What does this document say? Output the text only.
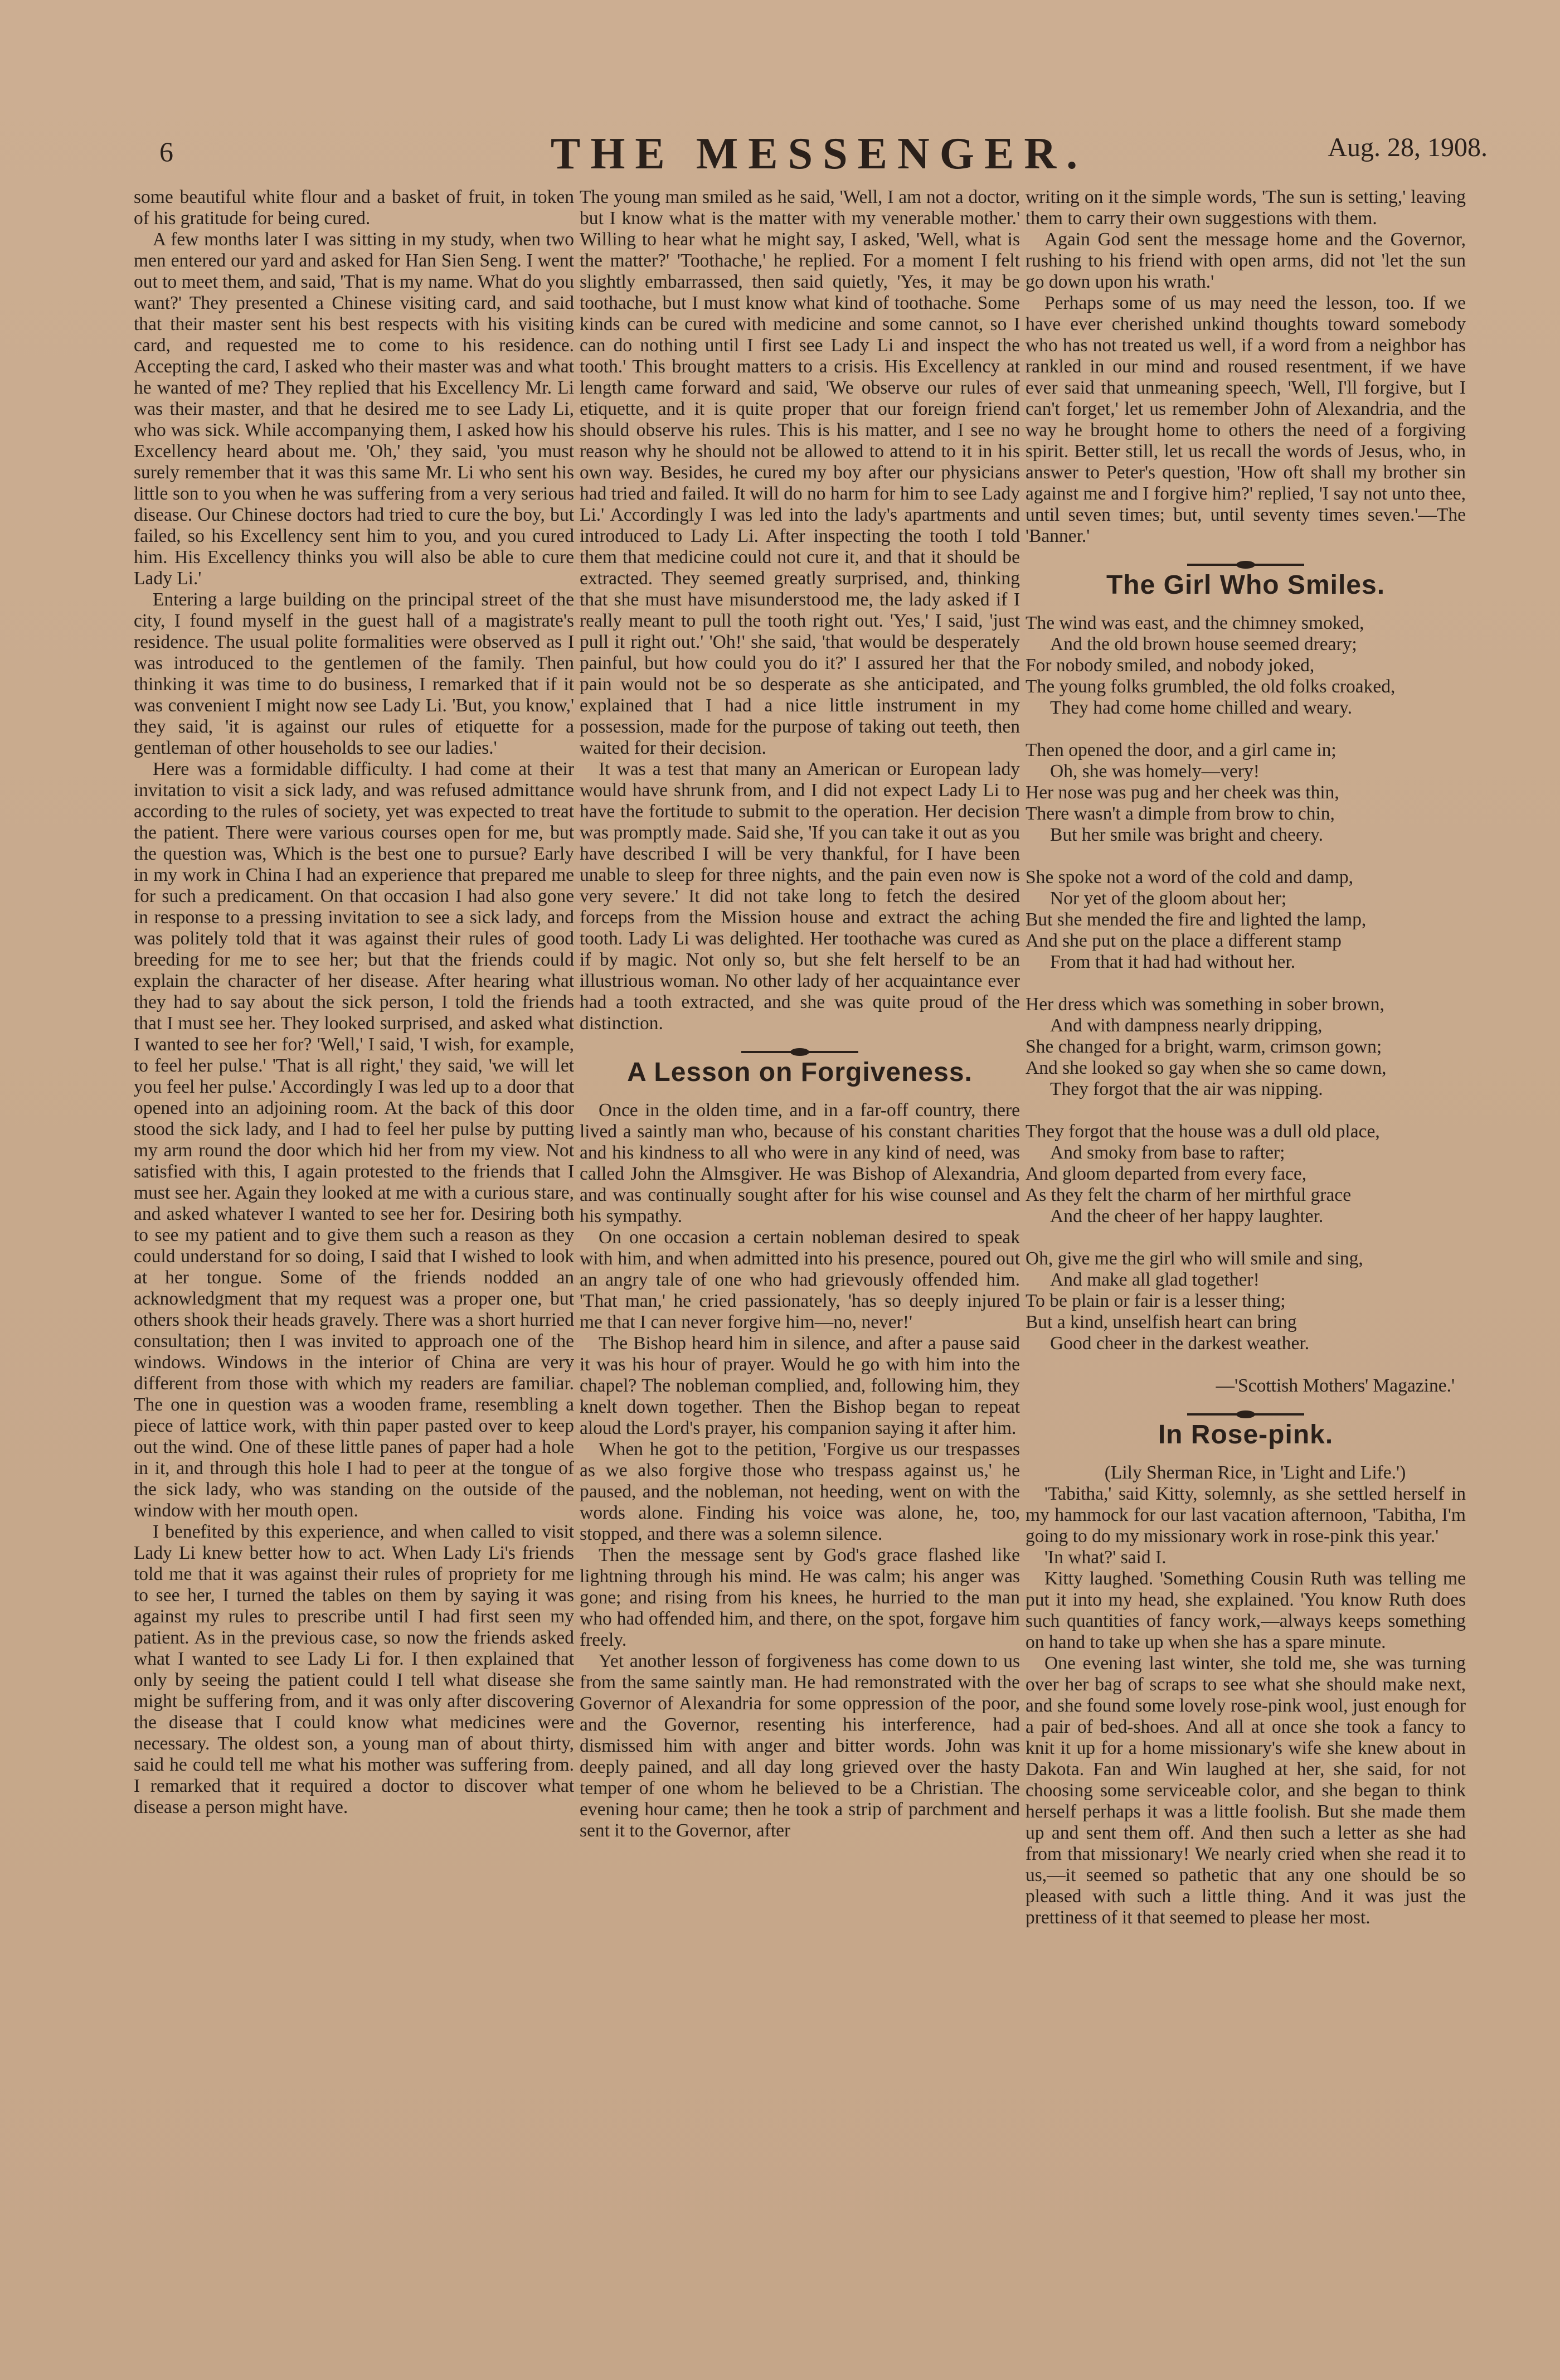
6	THE MESSENGER.	Aug. 28, 1908.

some beautiful white flour and a basket of fruit, in token of his gratitude for being cured.

A few months later I was sitting in my study, when two men entered our yard and asked for Han Sien Seng. I went out to meet them, and said, 'That is my name. What do you want?' They presented a Chinese visiting card, and said that their master sent his best respects with his visiting card, and requested me to come to his residence. Accepting the card, I asked who their master was and what he wanted of me? They replied that his Excellency Mr. Li was their master, and that he desired me to see Lady Li, who was sick. While accompanying them, I asked how his Excellency heard about me. 'Oh,' they said, 'you must surely remember that it was this same Mr. Li who sent his little son to you when he was suffering from a very serious disease. Our Chinese doctors had tried to cure the boy, but failed, so his Excellency sent him to you, and you cured him. His Excellency thinks you will also be able to cure Lady Li.'

Entering a large building on the principal street of the city, I found myself in the guest hall of a magistrate's residence. The usual polite formalities were observed as I was introduced to the gentlemen of the family. Then thinking it was time to do business, I remarked that if it was convenient I might now see Lady Li. 'But, you know,' they said, 'it is against our rules of etiquette for a gentleman of other households to see our ladies.'

Here was a formidable difficulty. I had come at their invitation to visit a sick lady, and was refused admittance according to the rules of society, yet was expected to treat the patient. There were various courses open for me, but the question was, Which is the best one to pursue? Early in my work in China I had an experience that prepared me for such a predicament. On that occasion I had also gone in response to a pressing invitation to see a sick lady, and was politely told that it was against their rules of good breeding for me to see her; but that the friends could explain the character of her disease. After hearing what they had to say about the sick person, I told the friends that I must see her. They looked surprised, and asked what I wanted to see her for? 'Well,' I said, 'I wish, for example, to feel her pulse.' 'That is all right,' they said, 'we will let you feel her pulse.' Accordingly I was led up to a door that opened into an adjoining room. At the back of this door stood the sick lady, and I had to feel her pulse by putting my arm round the door which hid her from my view. Not satisfied with this, I again protested to the friends that I must see her. Again they looked at me with a curious stare, and asked whatever I wanted to see her for. Desiring both to see my patient and to give them such a reason as they could understand for so doing, I said that I wished to look at her tongue. Some of the friends nodded an acknowledgment that my request was a proper one, but others shook their heads gravely. There was a short hurried consultation; then I was invited to approach one of the windows. Windows in the interior of China are very different from those with which my readers are familiar. The one in question was a wooden frame, resembling a piece of lattice work, with thin paper pasted over to keep out the wind. One of these little panes of paper had a hole in it, and through this hole I had to peer at the tongue of the sick lady, who was standing on the outside of the window with her mouth open.

I benefited by this experience, and when called to visit Lady Li knew better how to act. When Lady Li's friends told me that it was against their rules of propriety for me to see her, I turned the tables on them by saying it was against my rules to prescribe until I had first seen my patient. As in the previous case, so now the friends asked what I wanted to see Lady Li for. I then explained that only by seeing the patient could I tell what disease she might be suffering from, and it was only after discovering the disease that I could know what medicines were necessary. The oldest son, a young man of about thirty, said he could tell me what his mother was suffering from. I remarked that it required a doctor to discover what disease a person might have.

The young man smiled as he said, 'Well, I am not a doctor, but I know what is the matter with my venerable mother.' Willing to hear what he might say, I asked, 'Well, what is the matter?' 'Toothache,' he replied. For a moment I felt slightly embarrassed, then said quietly, 'Yes, it may be toothache, but I must know what kind of toothache. Some kinds can be cured with medicine and some cannot, so I can do nothing until I first see Lady Li and inspect the tooth.' This brought matters to a crisis. His Excellency at length came forward and said, 'We observe our rules of etiquette, and it is quite proper that our foreign friend should observe his rules. This is his matter, and I see no reason why he should not be allowed to attend to it in his own way. Besides, he cured my boy after our physicians had tried and failed. It will do no harm for him to see Lady Li.' Accordingly I was led into the lady's apartments and introduced to Lady Li. After inspecting the tooth I told them that medicine could not cure it, and that it should be extracted. They seemed greatly surprised, and, thinking that she must have misunderstood me, the lady asked if I really meant to pull the tooth right out. 'Yes,' I said, 'just pull it right out.' 'Oh!' she said, 'that would be desperately painful, but how could you do it?' I assured her that the pain would not be so desperate as she anticipated, and explained that I had a nice little instrument in my possession, made for the purpose of taking out teeth, then waited for their decision.

It was a test that many an American or European lady would have shrunk from, and I did not expect Lady Li to have the fortitude to submit to the operation. Her decision was promptly made. Said she, 'If you can take it out as you have described I will be very thankful, for I have been unable to sleep for three nights, and the pain even now is very severe.' It did not take long to fetch the desired forceps from the Mission house and extract the aching tooth. Lady Li was delighted. Her toothache was cured as if by magic. Not only so, but she felt herself to be an illustrious woman. No other lady of her acquaintance ever had a tooth extracted, and she was quite proud of the distinction.

A Lesson on Forgiveness.

Once in the olden time, and in a far-off country, there lived a saintly man who, because of his constant charities and his kindness to all who were in any kind of need, was called John the Almsgiver. He was Bishop of Alexandria, and was continually sought after for his wise counsel and his sympathy.

On one occasion a certain nobleman desired to speak with him, and when admitted into his presence, poured out an angry tale of one who had grievously offended him. 'That man,' he cried passionately, 'has so deeply injured me that I can never forgive him—no, never!'

The Bishop heard him in silence, and after a pause said it was his hour of prayer. Would he go with him into the chapel? The nobleman complied, and, following him, they knelt down together. Then the Bishop began to repeat aloud the Lord's prayer, his companion saying it after him.

When he got to the petition, 'Forgive us our trespasses as we also forgive those who trespass against us,' he paused, and the nobleman, not heeding, went on with the words alone. Finding his voice was alone, he, too, stopped, and there was a solemn silence.

Then the message sent by God's grace flashed like lightning through his mind. He was calm; his anger was gone; and rising from his knees, he hurried to the man who had offended him, and there, on the spot, forgave him freely.

Yet another lesson of forgiveness has come down to us from the same saintly man. He had remonstrated with the Governor of Alexandria for some oppression of the poor, and the Governor, resenting his interference, had dismissed him with anger and bitter words. John was deeply pained, and all day long grieved over the hasty temper of one whom he believed to be a Christian. The evening hour came; then he took a strip of parchment and sent it to the Governor, after

writing on it the simple words, 'The sun is setting,' leaving them to carry their own suggestions with them.

Again God sent the message home and the Governor, rushing to his friend with open arms, did not 'let the sun go down upon his wrath.'

Perhaps some of us may need the lesson, too. If we have ever cherished unkind thoughts toward somebody who has not treated us well, if a word from a neighbor has rankled in our mind and roused resentment, if we have ever said that unmeaning speech, 'Well, I'll forgive, but I can't forget,' let us remember John of Alexandria, and the way he brought home to others the need of a forgiving spirit. Better still, let us recall the words of Jesus, who, in answer to Peter's question, 'How oft shall my brother sin against me and I forgive him?' replied, 'I say not unto thee, until seven times; but, until seventy times seven.'—The 'Banner.'

The Girl Who Smiles.
The wind was east, and the chimney smoked,
And the old brown house seemed dreary;
For nobody smiled, and nobody joked,
The young folks grumbled, the old folks croaked,
They had come home chilled and weary.
Then opened the door, and a girl came in;
Oh, she was homely—very!
Her nose was pug and her cheek was thin,
There wasn't a dimple from brow to chin,
But her smile was bright and cheery.
She spoke not a word of the cold and damp,
Nor yet of the gloom about her;
But she mended the fire and lighted the lamp,
And she put on the place a different stamp
From that it had had without her.
Her dress which was something in sober brown,
And with dampness nearly dripping,
She changed for a bright, warm, crimson gown;
And she looked so gay when she so came down,
They forgot that the air was nipping.
They forgot that the house was a dull old place,
And smoky from base to rafter;
And gloom departed from every face,
As they felt the charm of her mirthful grace
And the cheer of her happy laughter.
Oh, give me the girl who will smile and sing,
And make all glad together!
To be plain or fair is a lesser thing;
But a kind, unselfish heart can bring
Good cheer in the darkest weather.
—'Scottish Mothers' Magazine.'
In Rose-pink.

(Lily Sherman Rice, in 'Light and Life.')

'Tabitha,' said Kitty, solemnly, as she settled herself in my hammock for our last vacation afternoon, 'Tabitha, I'm going to do my missionary work in rose-pink this year.'

'In what?' said I.

Kitty laughed. 'Something Cousin Ruth was telling me put it into my head, she explained. 'You know Ruth does such quantities of fancy work,—always keeps something on hand to take up when she has a spare minute.

One evening last winter, she told me, she was turning over her bag of scraps to see what she should make next, and she found some lovely rose-pink wool, just enough for a pair of bed-shoes. And all at once she took a fancy to knit it up for a home missionary's wife she knew about in Dakota. Fan and Win laughed at her, she said, for not choosing some serviceable color, and she began to think herself perhaps it was a little foolish. But she made them up and sent them off. And then such a letter as she had from that missionary! We nearly cried when she read it to us,—it seemed so pathetic that any one should be so pleased with such a little thing. And it was just the prettiness of it that seemed to please her most.
